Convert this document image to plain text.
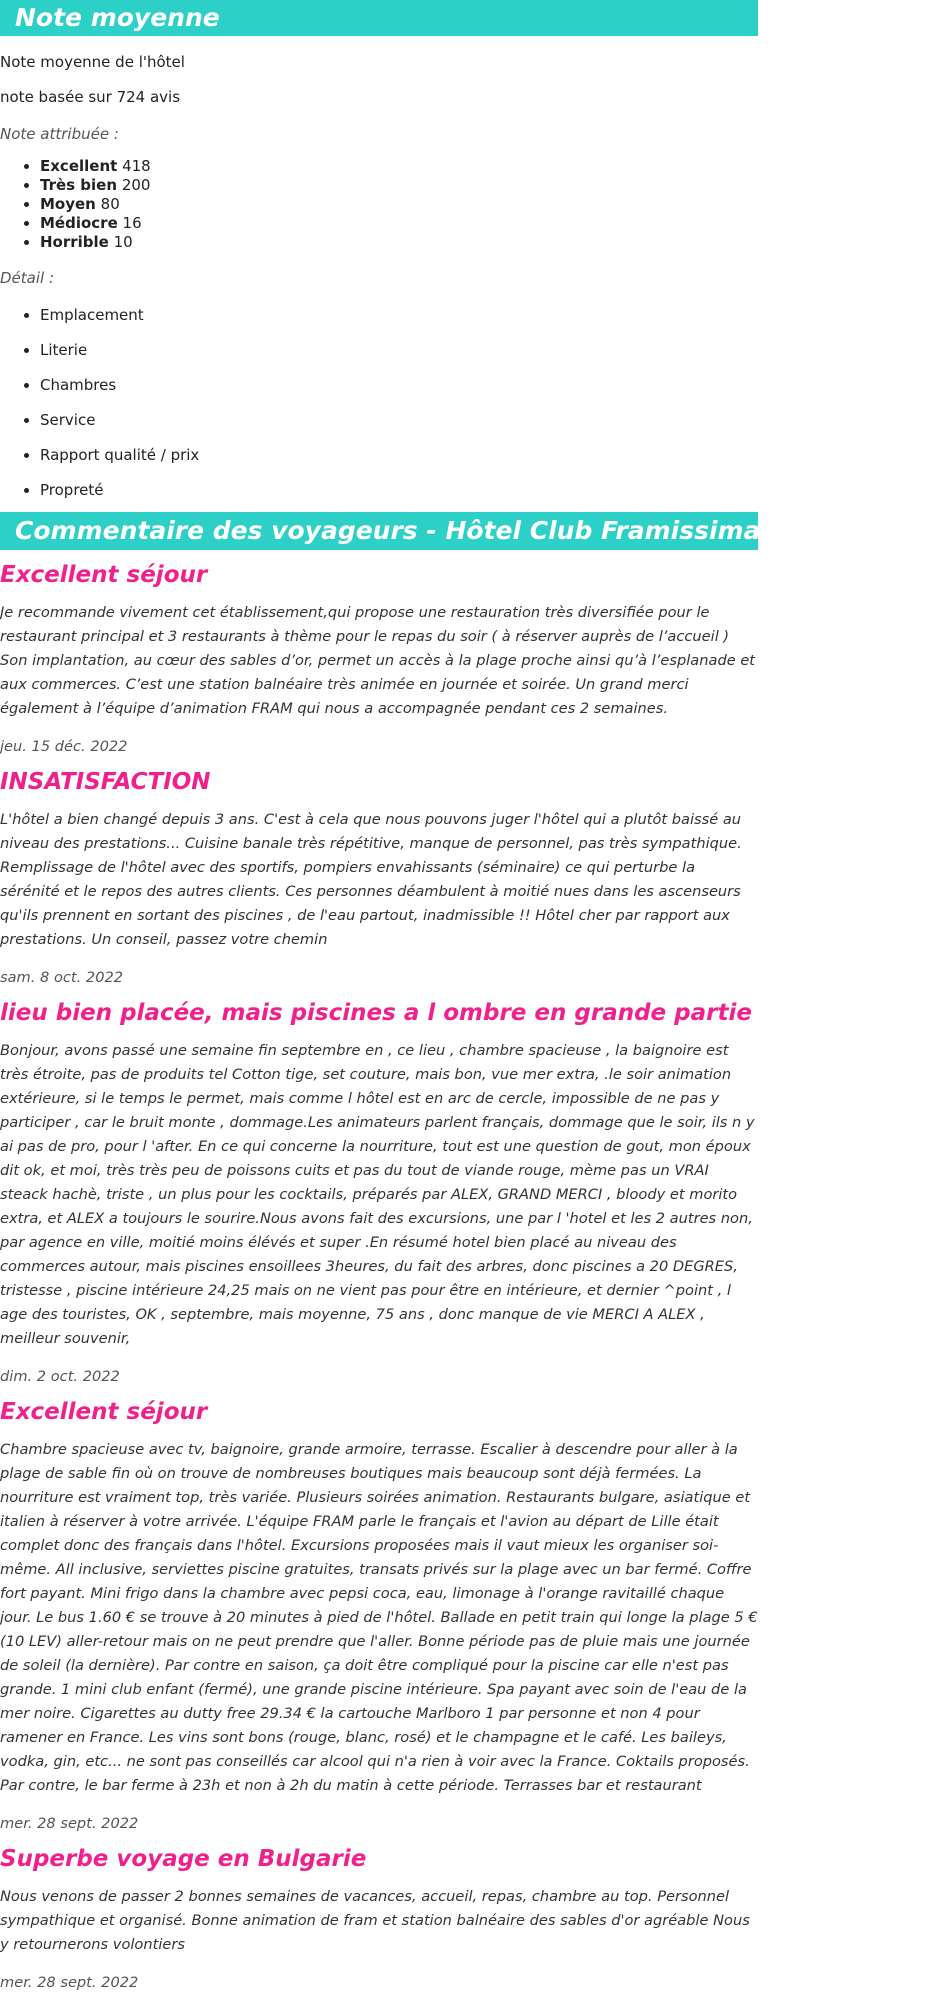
Note moyenne

Note moyenne de l'hôtel

note basée sur 724 avis

Note attribuée :

• Excellent 418
• Très bien 200
• Moyen 80
• Médiocre 16
• Horrible 10

Détail :

• Emplacement
• Literie
• Chambres
• Service
• Rapport qualité / prix
• Propreté
Commentaire des voyageurs - Hôtel Club Framissima Arabella 4*
Excellent séjour

Je recommande vivement cet établissement,qui propose une restauration très diversifiée pour le restaurant principal et 3 restaurants à thème pour le repas du soir ( à réserver auprès de l’accueil ) Son implantation, au cœur des sables d’or, permet un accès à la plage proche ainsi qu’à l’esplanade et aux commerces. C’est une station balnéaire très animée en journée et soirée. Un grand merci également à l’équipe d’animation FRAM qui nous a accompagnée pendant ces 2 semaines.

jeu. 15 déc. 2022

INSATISFACTION

L'hôtel a bien changé depuis 3 ans. C'est à cela que nous pouvons juger l'hôtel qui a plutôt baissé au niveau des prestations... Cuisine banale très répétitive, manque de personnel, pas très sympathique. Remplissage de l'hôtel avec des sportifs, pompiers envahissants (séminaire) ce qui perturbe la sérénité et le repos des autres clients. Ces personnes déambulent à moitié nues dans les ascenseurs qu'ils prennent en sortant des piscines , de l'eau partout, inadmissible !! Hôtel cher par rapport aux prestations. Un conseil, passez votre chemin

sam. 8 oct. 2022

lieu bien placée, mais piscines a l ombre en grande partie

Bonjour, avons passé une semaine fin septembre en , ce lieu , chambre spacieuse , la baignoire est très étroite, pas de produits tel Cotton tige, set couture, mais bon, vue mer extra, .le soir animation extérieure, si le temps le permet, mais comme l hôtel est en arc de cercle, impossible de ne pas y participer , car le bruit monte , dommage.Les animateurs parlent français, dommage que le soir, ils n y ai pas de pro, pour l 'after. En ce qui concerne la nourriture, tout est une question de gout, mon époux dit ok, et moi, très très peu de poissons cuits et pas du tout de viande rouge, mème pas un VRAI steack hachè, triste , un plus pour les cocktails, préparés par ALEX, GRAND MERCI , bloody et morito extra, et ALEX a toujours le sourire.Nous avons fait des excursions, une par l 'hotel et les 2 autres non, par agence en ville, moitié moins élévés et super .En résumé hotel bien placé au niveau des commerces autour, mais piscines ensoillees 3heures, du fait des arbres, donc piscines a 20 DEGRES, tristesse , piscine intérieure 24,25 mais on ne vient pas pour être en intérieure, et dernier ^point , l age des touristes, OK , septembre, mais moyenne, 75 ans , donc manque de vie MERCI A ALEX , meilleur souvenir,

dim. 2 oct. 2022

Excellent séjour

Chambre spacieuse avec tv, baignoire, grande armoire, terrasse. Escalier à descendre pour aller à la plage de sable fin où on trouve de nombreuses boutiques mais beaucoup sont déjà fermées. La nourriture est vraiment top, très variée. Plusieurs soirées animation. Restaurants bulgare, asiatique et italien à réserver à votre arrivée. L'équipe FRAM parle le français et l'avion au départ de Lille était complet donc des français dans l'hôtel. Excursions proposées mais il vaut mieux les organiser soi-même. All inclusive, serviettes piscine gratuites, transats privés sur la plage avec un bar fermé. Coffre fort payant. Mini frigo dans la chambre avec pepsi coca, eau, limonage à l'orange ravitaillé chaque jour. Le bus 1.60 € se trouve à 20 minutes à pied de l'hôtel. Ballade en petit train qui longe la plage 5 € (10 LEV) aller-retour mais on ne peut prendre que l'aller. Bonne période pas de pluie mais une journée de soleil (la dernière). Par contre en saison, ça doit être compliqué pour la piscine car elle n'est pas grande. 1 mini club enfant (fermé), une grande piscine intérieure. Spa payant avec soin de l'eau de la mer noire. Cigarettes au dutty free 29.34 € la cartouche Marlboro 1 par personne et non 4 pour ramener en France. Les vins sont bons (rouge, blanc, rosé) et le champagne et le café. Les baileys, vodka, gin, etc... ne sont pas conseillés car alcool qui n'a rien à voir avec la France. Coktails proposés. Par contre, le bar ferme à 23h et non à 2h du matin à cette période. Terrasses bar et restaurant

mer. 28 sept. 2022

Superbe voyage en Bulgarie

Nous venons de passer 2 bonnes semaines de vacances, accueil, repas, chambre au top. Personnel sympathique et organisé. Bonne animation de fram et station balnéaire des sables d'or agréable Nous y retournerons volontiers

mer. 28 sept. 2022
